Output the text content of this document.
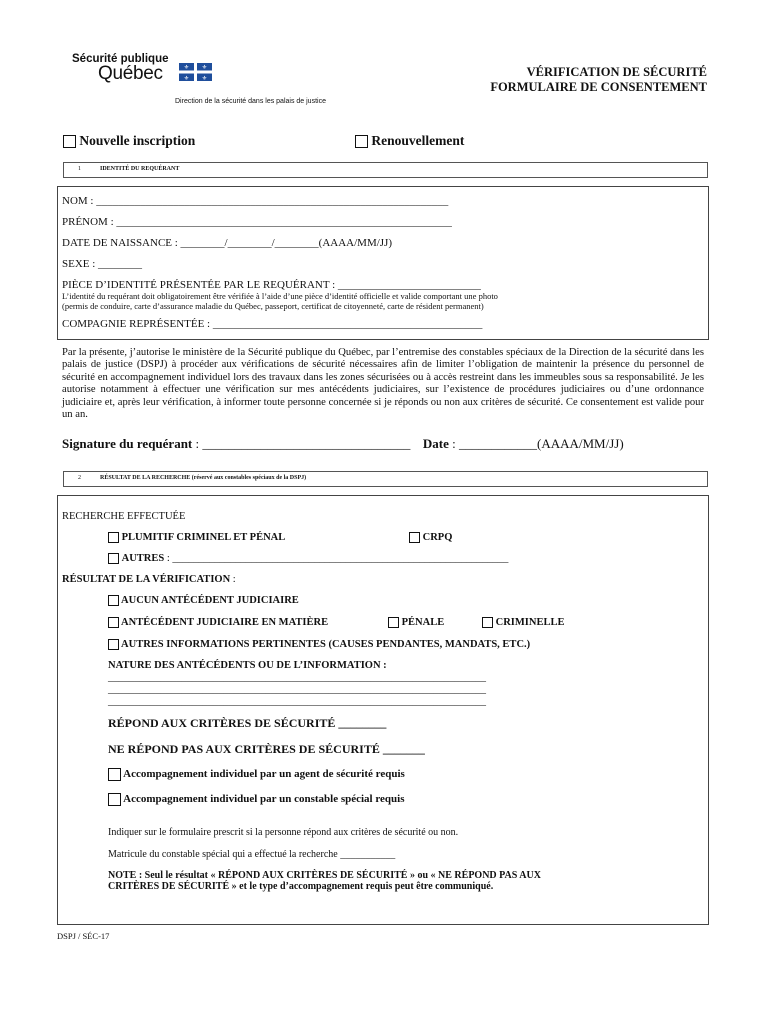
Sécurité publique
Québec	⚜ ⚜
⚜ ⚜
Direction de la sécurité dans les palais de justice
VÉRIFICATION DE SÉCURITÉ
FORMULAIRE DE CONSENTEMENT
Nouvelle inscription	Renouvellement
1	IDENTITÉ DU REQUÉRANT
NOM : ________________________________________________________________
PRÉNOM : _____________________________________________________________
DATE DE NAISSANCE : ________/________/________(AAAA/MM/JJ)
SEXE : ________
PIÈCE D’IDENTITÉ PRÉSENTÉE PAR LE REQUÉRANT : __________________________
L’identité du requérant doit obligatoirement être vérifiée à l’aide d’une pièce d’identité officielle et valide comportant une photo
(permis de conduire, carte d’assurance maladie du Québec, passeport, certificat de citoyenneté, carte de résident permanent)
COMPAGNIE REPRÉSENTÉE : _________________________________________________
Par la présente, j’autorise le ministère de la Sécurité publique du Québec, par l’entremise des constables spéciaux de la Direction de la sécurité dans les palais de justice (DSPJ) à procéder aux vérifications de sécurité nécessaires afin de limiter l’obligation de maintenir la présence du personnel de sécurité en accompagnement individuel lors des travaux dans les zones sécurisées ou à accès restreint dans les immeubles sous sa responsabilité. Je les autorise notamment à effectuer une vérification sur mes antécédents judiciaires, sur l’existence de procédures judiciaires ou d’une ordonnance judiciaire et, après leur vérification, à informer toute personne concernée si je réponds ou non aux critères de sécurité. Ce consentement est valide pour un an.
Signature du requérant : ________________________________ Date : ____________(AAAA/MM/JJ)
2	RÉSULTAT DE LA RECHERCHE (réservé aux constables spéciaux de la DSPJ)
RECHERCHE EFFECTUÉE
PLUMITIF CRIMINEL ET PÉNAL	CRPQ
AUTRES : ________________________________________________________________
RÉSULTAT DE LA VÉRIFICATION :
AUCUN ANTÉCÉDENT JUDICIAIRE
ANTÉCÉDENT JUDICIAIRE EN MATIÈRE	PÉNALE	CRIMINELLE
AUTRES INFORMATIONS PERTINENTES (CAUSES PENDANTES, MANDATS, ETC.)
NATURE DES ANTÉCÉDENTS OU DE L’INFORMATION :
________________________________________________________________________
________________________________________________________________________
________________________________________________________________________
RÉPOND AUX CRITÈRES DE SÉCURITÉ ________
NE RÉPOND PAS AUX CRITÈRES DE SÉCURITÉ _______
Accompagnement individuel par un agent de sécurité requis
Accompagnement individuel par un constable spécial requis
Indiquer sur le formulaire prescrit si la personne répond aux critères de sécurité ou non.
Matricule du constable spécial qui a effectué la recherche ___________
NOTE : Seul le résultat « RÉPOND AUX CRITÈRES DE SÉCURITÉ » ou « NE RÉPOND PAS AUX
CRITÈRES DE SÉCURITÉ » et le type d’accompagnement requis peut être communiqué.
DSPJ / SÉC-17
